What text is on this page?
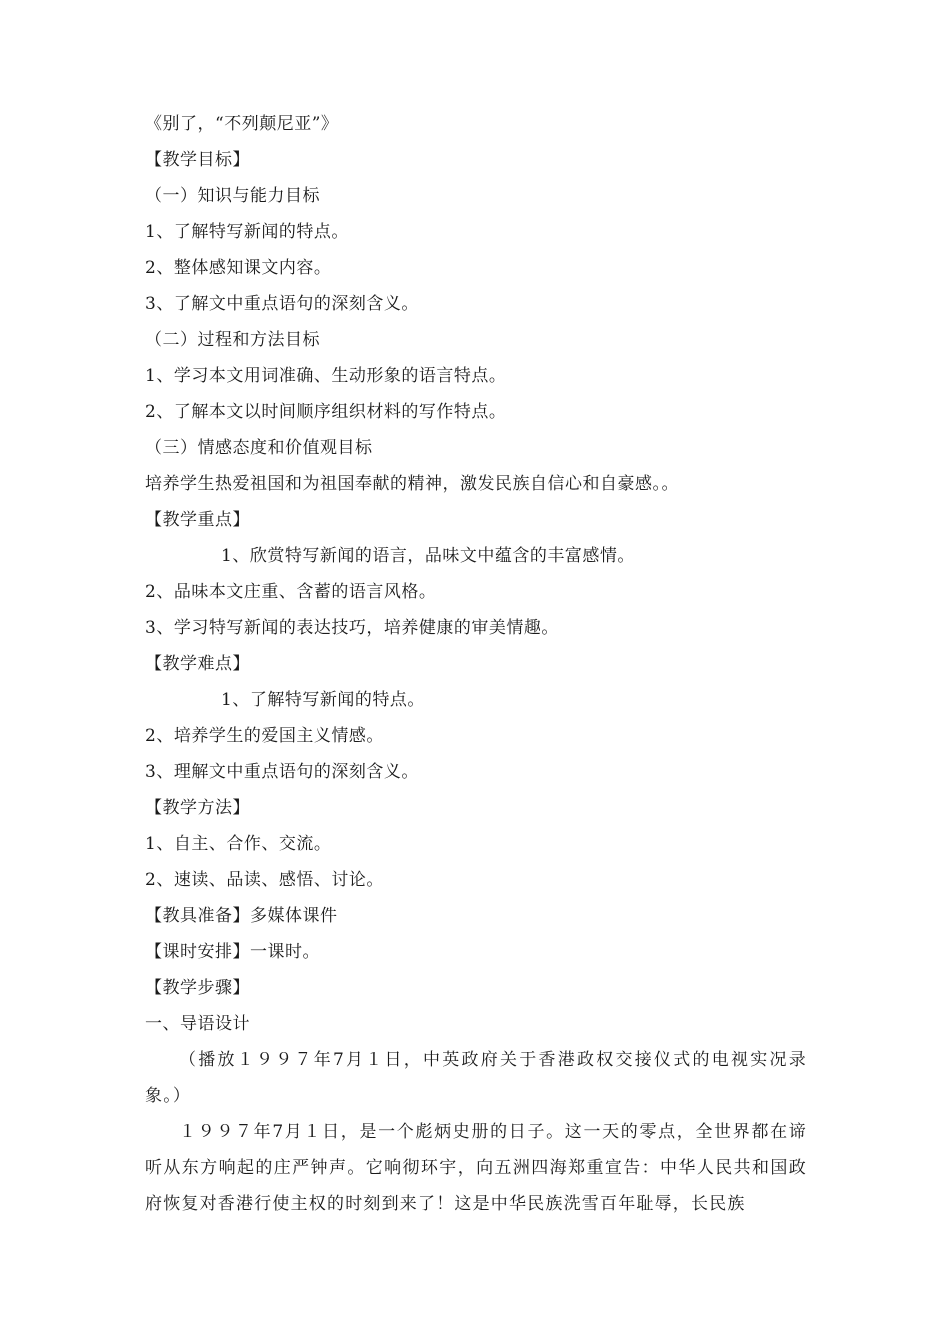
《别了，“不列颠尼亚”》
【教学目标】
（一）知识与能力目标
1、了解特写新闻的特点。
2、整体感知课文内容。
3、了解文中重点语句的深刻含义。
（二）过程和方法目标
1、学习本文用词准确、生动形象的语言特点。
2、了解本文以时间顺序组织材料的写作特点。
（三）情感态度和价值观目标
培养学生热爱祖国和为祖国奉献的精神，激发民族自信心和自豪感。。
【教学重点】
1、欣赏特写新闻的语言，品味文中蕴含的丰富感情。
2、品味本文庄重、含蓄的语言风格。
3、学习特写新闻的表达技巧，培养健康的审美情趣。
【教学难点】
1、了解特写新闻的特点。
2、培养学生的爱国主义情感。
3、理解文中重点语句的深刻含义。
【教学方法】
1、自主、合作、交流。
2、速读、品读、感悟、讨论。
【教具准备】多媒体课件
【课时安排】一课时。
【教学步骤】
一、导语设计
（播放１９９７年7月１日，中英政府关于香港政权交接仪式的电视实况录象。）
１９９７年7月１日，是一个彪炳史册的日子。这一天的零点，全世界都在谛听从东方响起的庄严钟声。它响彻环宇，向五洲四海郑重宣告：中华人民共和国政府恢复对香港行使主权的时刻到来了！这是中华民族洗雪百年耻辱，长民族
